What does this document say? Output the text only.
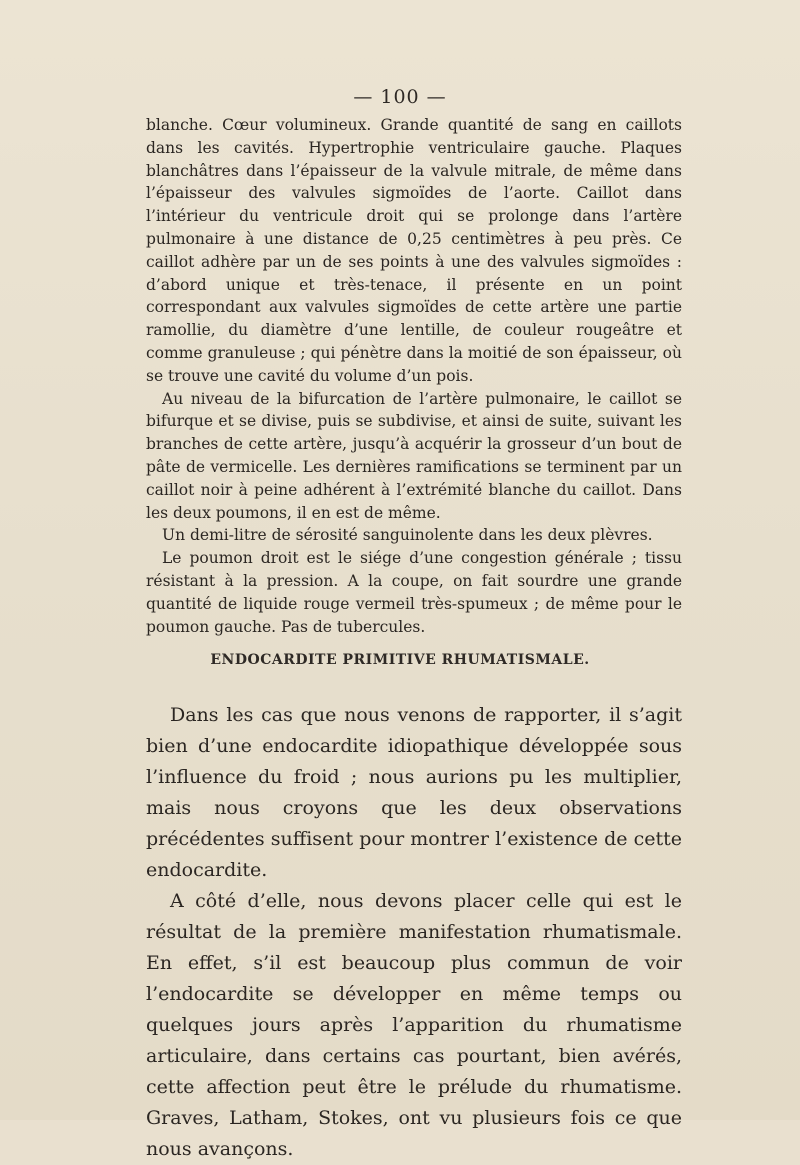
— 100 —

blanche. Cœur volumineux. Grande quantité de sang en caillots dans les cavités. Hypertrophie ventriculaire gauche. Plaques blanchâtres dans l’épaisseur de la valvule mitrale, de même dans l’épaisseur des valvules sigmoïdes de l’aorte. Caillot dans l’intérieur du ventricule droit qui se prolonge dans l’artère pulmonaire à une distance de 0,25 centimètres à peu près. Ce caillot adhère par un de ses points à une des valvules sigmoïdes : d’abord unique et très-tenace, il présente en un point correspondant aux valvules sigmoïdes de cette artère une partie ramollie, du diamètre d’une lentille, de couleur rougeâtre et comme granuleuse ; qui pénètre dans la moitié de son épaisseur, où se trouve une cavité du volume d’un pois.

Au niveau de la bifurcation de l’artère pulmonaire, le caillot se bifurque et se divise, puis se subdivise, et ainsi de suite, suivant les branches de cette artère, jusqu’à acquérir la grosseur d’un bout de pâte de vermicelle. Les dernières ramifications se terminent par un caillot noir à peine adhérent à l’extrémité blanche du caillot. Dans les deux poumons, il en est de même.

Un demi-litre de sérosité sanguinolente dans les deux plèvres.

Le poumon droit est le siége d’une congestion générale ; tissu résistant à la pression. A la coupe, on fait sourdre une grande quantité de liquide rouge vermeil très-spumeux ; de même pour le poumon gauche. Pas de tubercules.

ENDOCARDITE PRIMITIVE RHUMATISMALE.

Dans les cas que nous venons de rapporter, il s’agit bien d’une endocardite idiopathique développée sous l’influence du froid ; nous aurions pu les multiplier, mais nous croyons que les deux observations précédentes suffisent pour montrer l’existence de cette endocardite.

A côté d’elle, nous devons placer celle qui est le résultat de la première manifestation rhumatismale. En effet, s’il est beaucoup plus commun de voir l’endocardite se développer en même temps ou quelques jours après l’apparition du rhumatisme articulaire, dans certains cas pourtant, bien avérés, cette affection peut être le prélude du rhumatisme. Graves, Latham, Stokes, ont vu plusieurs fois ce que nous avançons.
